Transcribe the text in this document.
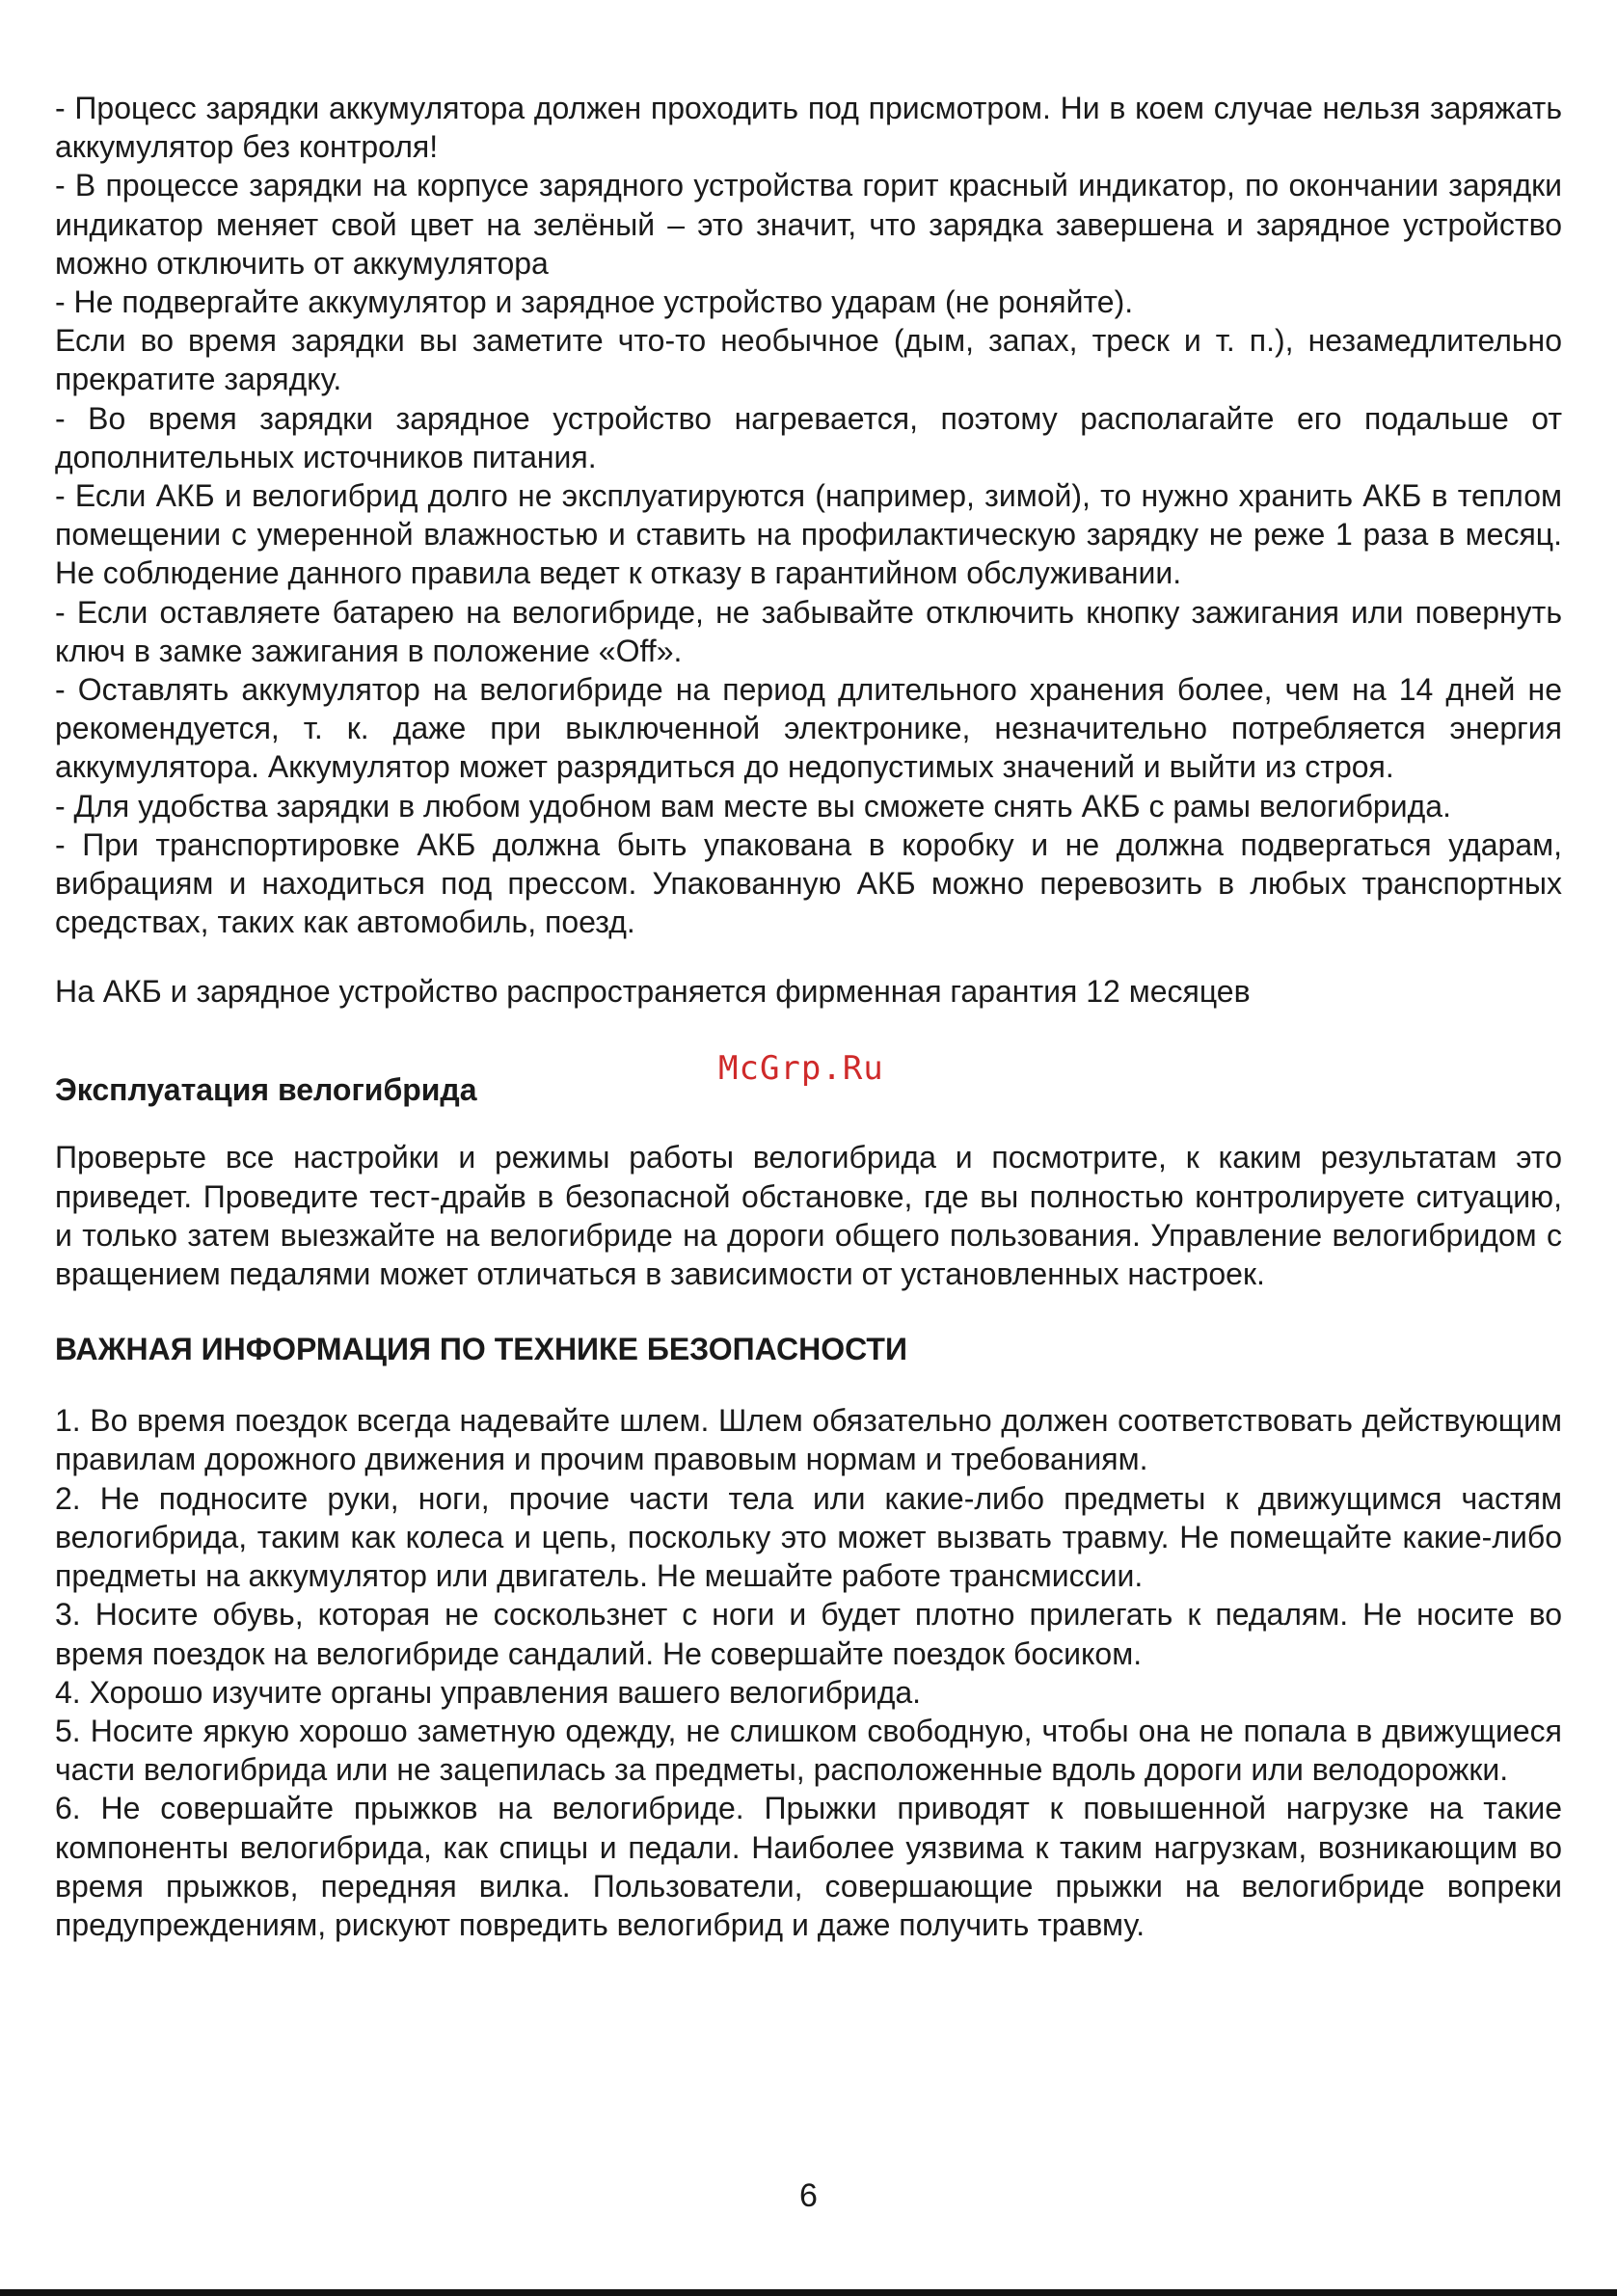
- Процесс зарядки аккумулятора должен проходить под присмотром. Ни в коем случае нельзя заряжать аккумулятор без контроля!

- В процессе зарядки на корпусе зарядного устройства горит красный индикатор, по окончании зарядки индикатор меняет свой цвет на зелёный – это значит, что зарядка завершена и зарядное устройство можно отключить от аккумулятора

- Не подвергайте аккумулятор и зарядное устройство ударам (не роняйте).

Если во время зарядки вы заметите что-то необычное (дым, запах, треск и т. п.), незамедлительно прекратите зарядку.

- Во время зарядки зарядное устройство нагревается, поэтому располагайте его подальше от дополнительных источников питания.

- Если АКБ и велогибрид долго не эксплуатируются (например, зимой), то нужно хранить АКБ в теплом помещении с умеренной влажностью и ставить на профилактическую зарядку не реже 1 раза в месяц. Не соблюдение данного правила ведет к отказу в гарантийном обслуживании.

- Если оставляете батарею на велогибриде, не забывайте отключить кнопку зажигания или повернуть ключ в замке зажигания в положение «Off».

- Оставлять аккумулятор на велогибриде на период длительного хранения более, чем на 14 дней не рекомендуется, т. к. даже при выключенной электронике, незначительно потребляется энергия аккумулятора. Аккумулятор может разрядиться до недопустимых значений и выйти из строя.

- Для удобства зарядки в любом удобном вам месте вы сможете снять АКБ с рамы велогибрида.

- При транспортировке АКБ должна быть упакована в коробку и не должна подвергаться ударам, вибрациям и находиться под прессом. Упакованную АКБ можно перевозить в любых транспортных средствах, таких как автомобиль, поезд.

На АКБ и зарядное устройство распространяется фирменная гарантия 12 месяцев

McGrp.Ru
Эксплуатация велогибрида

Проверьте все настройки и режимы работы велогибрида и посмотрите, к каким результатам это приведет. Проведите тест-драйв в безопасной обстановке, где вы полностью контролируете ситуацию, и только затем выезжайте на велогибриде на дороги общего пользования. Управление велогибридом с вращением педалями может отличаться в зависимости от установленных настроек.

ВАЖНАЯ ИНФОРМАЦИЯ ПО ТЕХНИКЕ БЕЗОПАСНОСТИ

1. Во время поездок всегда надевайте шлем. Шлем обязательно должен соответствовать действующим правилам дорожного движения и прочим правовым нормам и требованиям.

2. Не подносите руки, ноги, прочие части тела или какие-либо предметы к движущимся частям велогибрида, таким как колеса и цепь, поскольку это может вызвать травму. Не помещайте какие-либо предметы на аккумулятор или двигатель. Не мешайте работе трансмиссии.

3. Носите обувь, которая не соскользнет с ноги и будет плотно прилегать к педалям. Не носите во время поездок на велогибриде сандалий. Не совершайте поездок босиком.

4. Хорошо изучите органы управления вашего велогибрида.

5. Носите яркую хорошо заметную одежду, не слишком свободную, чтобы она не попала в движущиеся части велогибрида или не зацепилась за предметы, расположенные вдоль дороги или велодорожки.

6. Не совершайте прыжков на велогибриде. Прыжки приводят к повышенной нагрузке на такие компоненты велогибрида, как спицы и педали. Наиболее уязвима к таким нагрузкам, возникающим во время прыжков, передняя вилка. Пользователи, совершающие прыжки на велогибриде вопреки предупреждениям, рискуют повредить велогибрид и даже получить травму.

6
